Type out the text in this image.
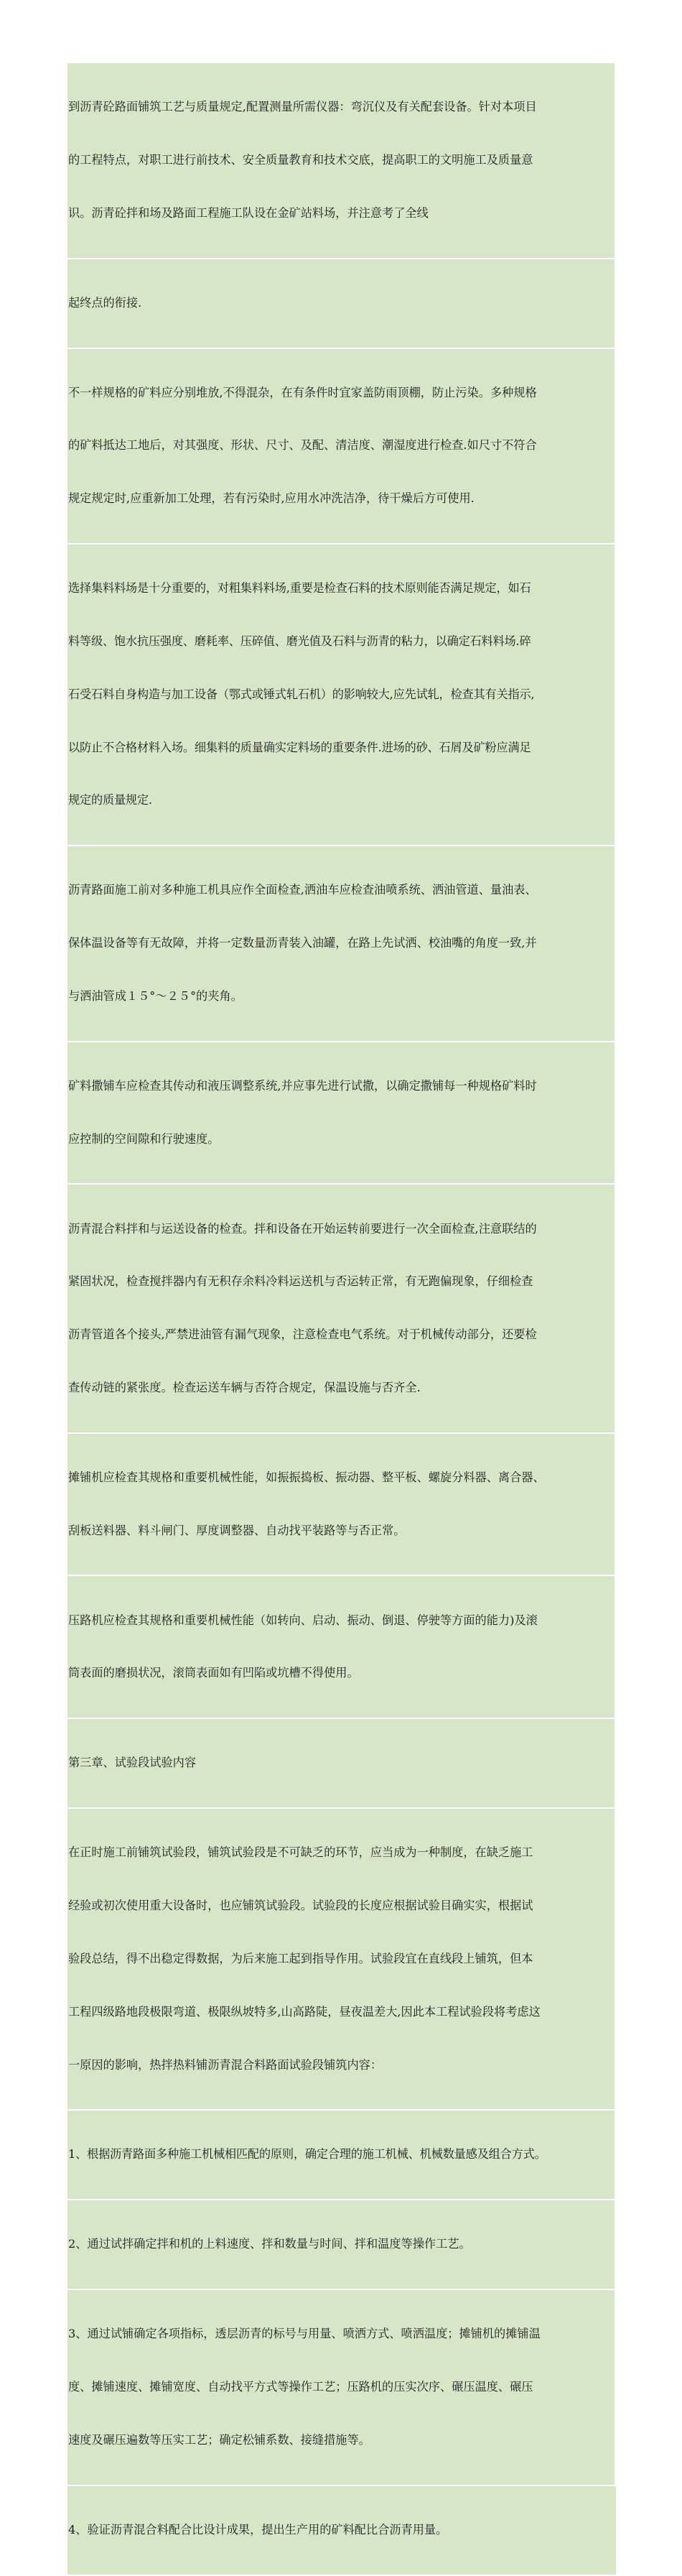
到沥青砼路面铺筑工艺与质量规定,配置测量所需仪器：弯沉仪及有关配套设备。针对本项目

的工程特点，对职工进行前技术、安全质量教育和技术交底，提高职工的文明施工及质量意

识。沥青砼拌和场及路面工程施工队设在金矿站料场，并注意考了全线

起终点的衔接.

不一样规格的矿料应分别堆放,不得混杂，在有条件时宜家盖防雨顶棚，防止污染。多种规格

的矿料抵达工地后，对其强度、形状、尺寸、及配、清洁度、潮湿度进行检查.如尺寸不符合

规定规定时,应重新加工处理，若有污染时,应用水冲洗洁净，待干燥后方可使用.

选择集料料场是十分重要的，对粗集料料场,重要是检查石料的技术原则能否满足规定，如石

料等级、饱水抗压强度、磨耗率、压碎值、磨光值及石料与沥青的粘力，以确定石料料场.碎

石受石料自身构造与加工设备（鄂式或锤式轧石机）的影响较大,应先试轧，检查其有关指示,

以防止不合格材料入场。细集料的质量确实定料场的重要条件.进场的砂、石屑及矿粉应满足

规定的质量规定.

沥青路面施工前对多种施工机具应作全面检查,洒油车应检查油喷系统、洒油管道、量油表、

保体温设备等有无故障，并将一定数量沥青装入油罐，在路上先试洒、校油嘴的角度一致,并

与洒油管成１５°～２５°的夹角。

矿料撒铺车应检查其传动和液压调整系统,并应事先进行试撒，以确定撒铺每一种规格矿料时

应控制的空间隙和行驶速度。

沥青混合料拌和与运送设备的检查。拌和设备在开始运转前要进行一次全面检查,注意联结的

紧固状况，检查搅拌器内有无积存余料冷料运送机与否运转正常，有无跑偏现象，仔细检查

沥青管道各个接头,严禁进油管有漏气现象，注意检查电气系统。对于机械传动部分，还要检

查传动链的紧张度。检查运送车辆与否符合规定，保温设施与否齐全.

摊铺机应检查其规格和重要机械性能，如振振捣板、振动器、整平板、螺旋分料器、离合器、

刮板送料器、料斗闸门、厚度调整器、自动找平装路等与否正常。

压路机应检查其规格和重要机械性能（如转向、启动、振动、倒退、停驶等方面的能力)及滚

筒表面的磨损状况，滚筒表面如有凹陷或坑槽不得使用。

第三章、试验段试验内容

在正时施工前铺筑试验段，铺筑试验段是不可缺乏的环节，应当成为一种制度，在缺乏施工

经验或初次使用重大设备时，也应铺筑试验段。试验段的长度应根据试验目确实实，根据试

验段总结，得不出稳定得数据，为后来施工起到指导作用。试验段宜在直线段上铺筑，但本

工程四级路地段极限弯道、极限纵坡特多,山高路陡，昼夜温差大,因此本工程试验段将考虑这

一原因的影响，热拌热料铺沥青混合料路面试验段铺筑内容：

1、根据沥青路面多种施工机械相匹配的原则，确定合理的施工机械、机械数量感及组合方式。

2、通过试拌确定拌和机的上料速度、拌和数量与时间、拌和温度等操作工艺。

3、通过试铺确定各项指标，透层沥青的标号与用量、喷洒方式、喷洒温度；摊铺机的摊铺温

度、摊铺速度、摊铺宽度、自动找平方式等操作工艺；压路机的压实次序、碾压温度、碾压

速度及碾压遍数等压实工艺；确定松铺系数、接缝措施等。

4、验证沥青混合料配合比设计成果，提出生产用的矿料配比合沥青用量。
